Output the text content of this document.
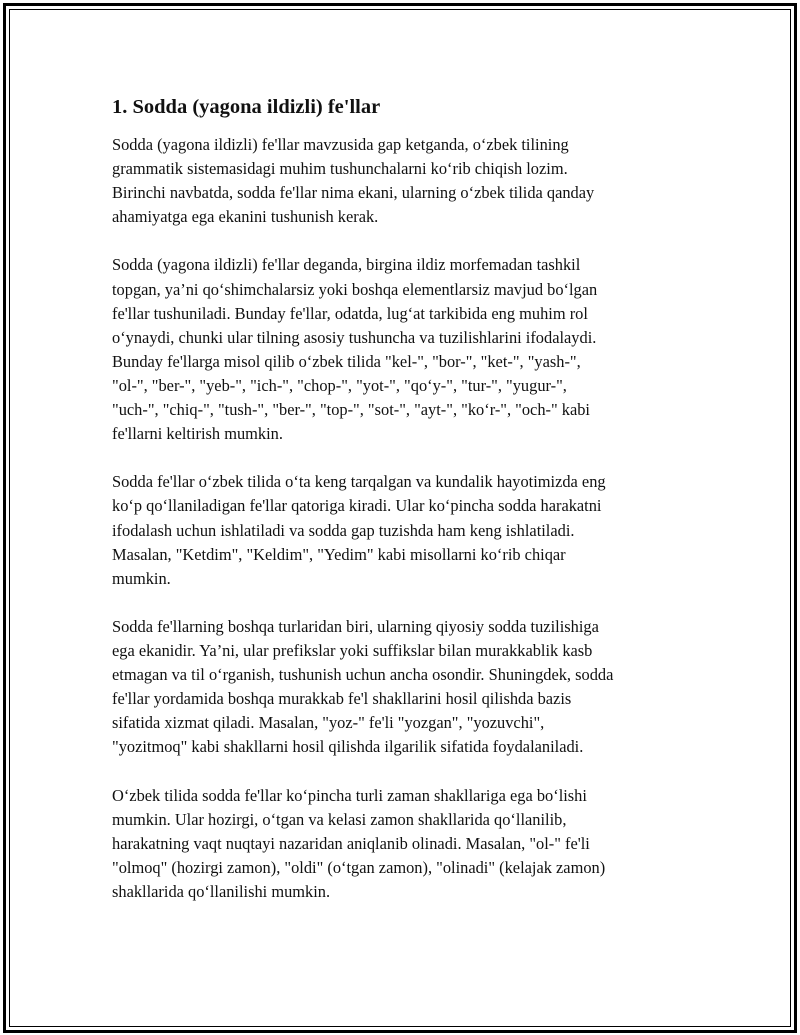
1. Sodda (yagona ildizli) fe'llar

Sodda (yagona ildizli) fe'llar mavzusida gap ketganda, o‘zbek tilining
grammatik sistemasidagi muhim tushunchalarni ko‘rib chiqish lozim.
Birinchi navbatda, sodda fe'llar nima ekani, ularning o‘zbek tilida qanday
ahamiyatga ega ekanini tushunish kerak.

Sodda (yagona ildizli) fe'llar deganda, birgina ildiz morfemadan tashkil
topgan, ya’ni qo‘shimchalarsiz yoki boshqa elementlarsiz mavjud bo‘lgan
fe'llar tushuniladi. Bunday fe'llar, odatda, lug‘at tarkibida eng muhim rol
o‘ynaydi, chunki ular tilning asosiy tushuncha va tuzilishlarini ifodalaydi.
Bunday fe'llarga misol qilib o‘zbek tilida "kel-", "bor-", "ket-", "yash-",
"ol-", "ber-", "yeb-", "ich-", "chop-", "yot-", "qo‘y-", "tur-", "yugur-",
"uch-", "chiq-", "tush-", "ber-", "top-", "sot-", "ayt-", "ko‘r-", "och-" kabi
fe'llarni keltirish mumkin.

Sodda fe'llar o‘zbek tilida o‘ta keng tarqalgan va kundalik hayotimizda eng
ko‘p qo‘llaniladigan fe'llar qatoriga kiradi. Ular ko‘pincha sodda harakatni
ifodalash uchun ishlatiladi va sodda gap tuzishda ham keng ishlatiladi.
Masalan, "Ketdim", "Keldim", "Yedim" kabi misollarni ko‘rib chiqar
mumkin.

Sodda fe'llarning boshqa turlaridan biri, ularning qiyosiy sodda tuzilishiga
ega ekanidir. Ya’ni, ular prefikslar yoki suffikslar bilan murakkablik kasb
etmagan va til o‘rganish, tushunish uchun ancha osondir. Shuningdek, sodda
fe'llar yordamida boshqa murakkab fe'l shakllarini hosil qilishda bazis
sifatida xizmat qiladi. Masalan, "yoz-" fe'li "yozgan", "yozuvchi",
"yozitmoq" kabi shakllarni hosil qilishda ilgarilik sifatida foydalaniladi.

O‘zbek tilida sodda fe'llar ko‘pincha turli zaman shakllariga ega bo‘lishi
mumkin. Ular hozirgi, o‘tgan va kelasi zamon shakllarida qo‘llanilib,
harakatning vaqt nuqtayi nazaridan aniqlanib olinadi. Masalan, "ol-" fe'li
"olmoq" (hozirgi zamon), "oldi" (o‘tgan zamon), "olinadi" (kelajak zamon)
shakllarida qo‘llanilishi mumkin.
